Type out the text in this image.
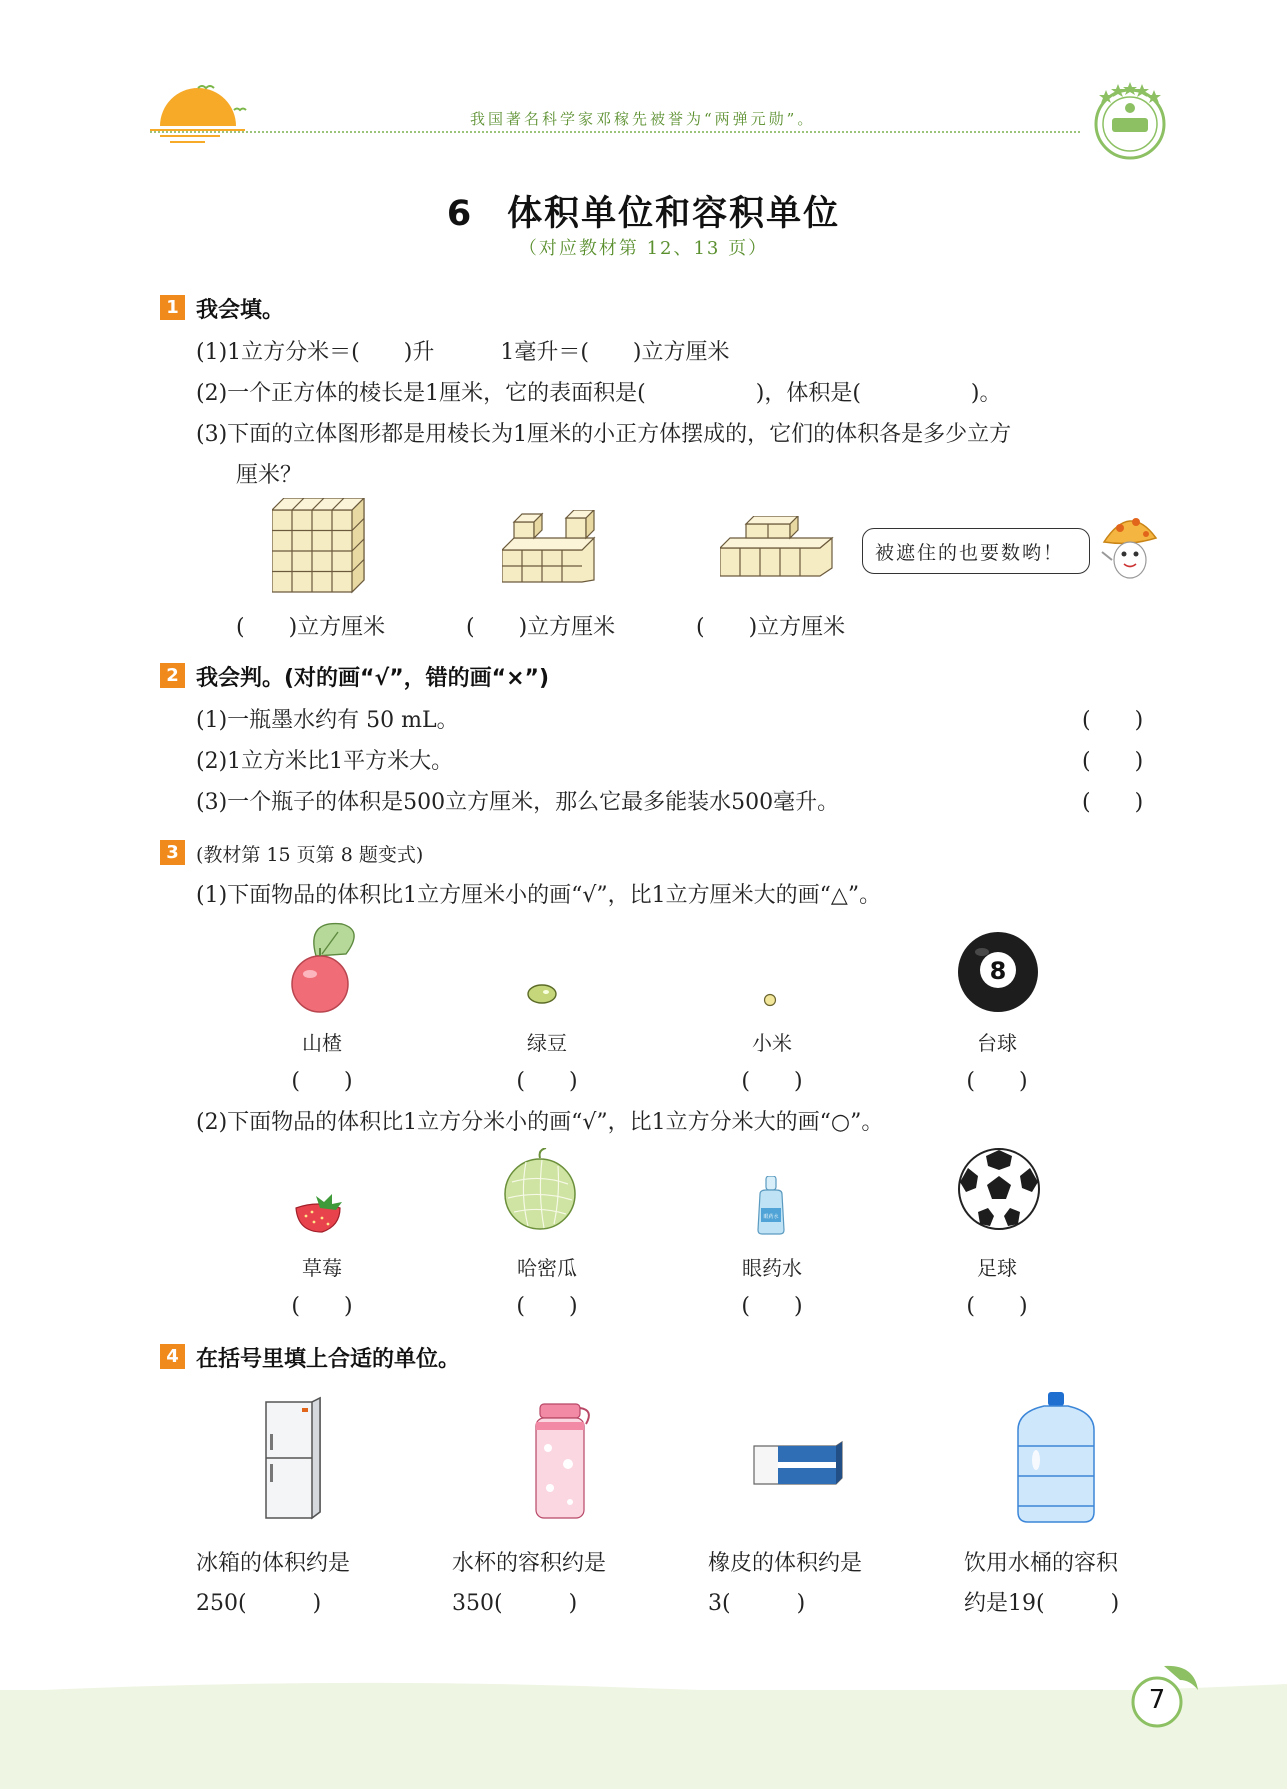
我国著名科学家邓稼先被誉为“两弹元勋”。
6 体积单位和容积单位
（对应教材第 12、13 页）
1 我会填。
(1)1立方分米＝(　　)升　　　1毫升＝(　　)立方厘米
(2)一个正方体的棱长是1厘米，它的表面积是(　　　　　)，体积是(　　　　　)。
(3)下面的立体图形都是用棱长为1厘米的小正方体摆成的，它们的体积各是多少立方
厘米？
被遮住的也要数哟！
(　　)立方厘米	(　　)立方厘米	(　　)立方厘米
2 我会判。(对的画“√”，错的画“×”)
(1)一瓶墨水约有 50 mL。	(　　)
(2)1立方米比1平方米大。	(　　)
(3)一个瓶子的体积是500立方厘米，那么它最多能装水500毫升。	(　　)
3 (教材第 15 页第 8 题变式)
(1)下面物品的体积比1立方厘米小的画“√”，比1立方厘米大的画“△”。
8
山楂	绿豆	小米	台球
(　　)	(　　)	(　　)	(　　)
(2)下面物品的体积比1立方分米小的画“√”，比1立方分米大的画“○”。
眼药水
草莓	哈密瓜	眼药水	足球
(　　)	(　　)	(　　)	(　　)
4 在括号里填上合适的单位。
冰箱的体积约是
250(　　　)
水杯的容积约是
350(　　　)
橡皮的体积约是
3(　　　)
饮用水桶的容积
约是19(　　　)
7
